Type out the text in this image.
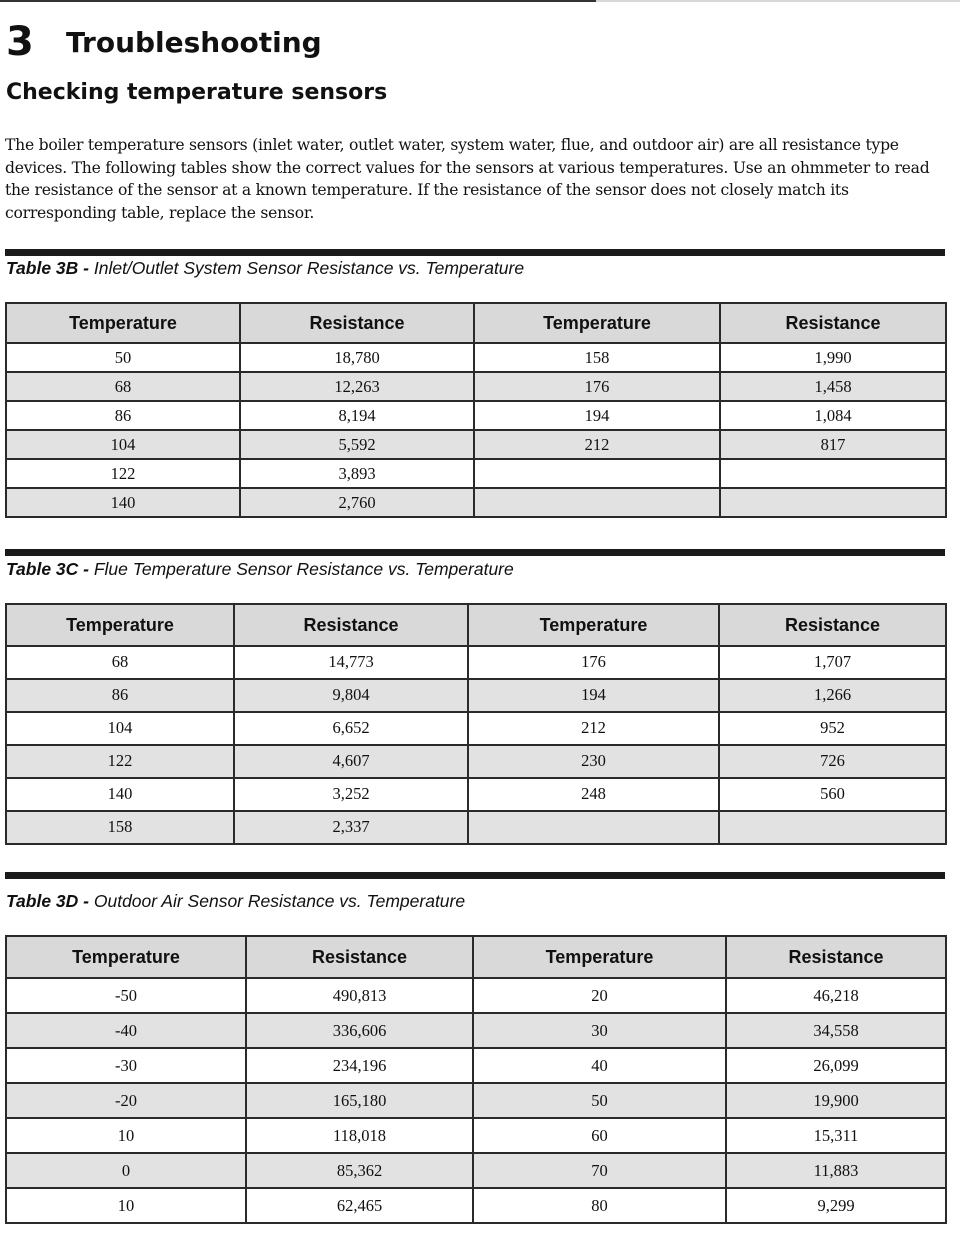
3	Troubleshooting
Checking temperature sensors
The boiler temperature sensors (inlet water, outlet water, system water, flue, and outdoor air) are all resistance type devices. The following tables show the correct values for the sensors at various temperatures. Use an ohmmeter to read the resistance of the sensor at a known temperature. If the resistance of the sensor does not closely match its corresponding table, replace the sensor.
Table 3B - Inlet/Outlet System Sensor Resistance vs. Temperature
Temperature	Resistance	Temperature	Resistance
50	18,780	158	1,990
68	12,263	176	1,458
86	8,194	194	1,084
104	5,592	212	817
122	3,893		
140	2,760		
Table 3C - Flue Temperature Sensor Resistance vs. Temperature
Temperature	Resistance	Temperature	Resistance
68	14,773	176	1,707
86	9,804	194	1,266
104	6,652	212	952
122	4,607	230	726
140	3,252	248	560
158	2,337		
Table 3D - Outdoor Air Sensor Resistance vs. Temperature
Temperature	Resistance	Temperature	Resistance
-50	490,813	20	46,218
-40	336,606	30	34,558
-30	234,196	40	26,099
-20	165,180	50	19,900
10	118,018	60	15,311
0	85,362	70	11,883
10	62,465	80	9,299
